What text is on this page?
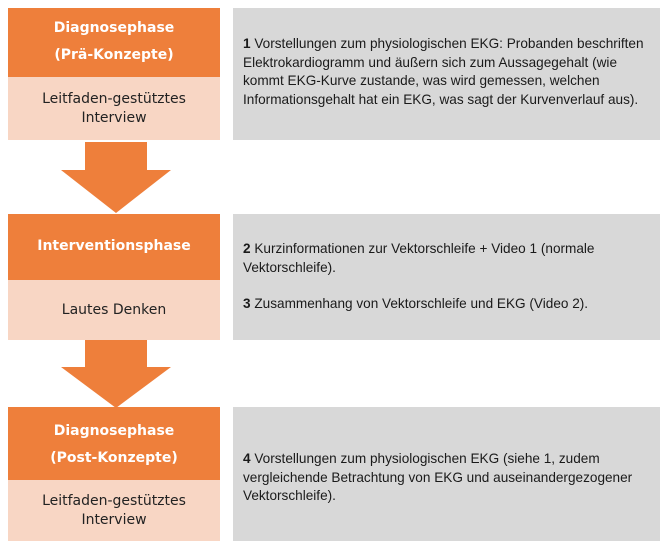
Diagnosephase
(Prä-Konzepte)
Leitfaden-gestütztes Interview

1 Vorstellungen zum physiologischen EKG: Probanden beschriften Elektrokardiogramm und äußern sich zum Aussagegehalt (wie kommt EKG-Kurve zustande, was wird gemessen, welchen Informationsgehalt hat ein EKG, was sagt der Kurvenverlauf aus).

Interventionsphase
Lautes Denken

2 Kurzinformationen zur Vektorschleife + Video 1 (normale Vektorschleife).

3 Zusammenhang von Vektorschleife und EKG (Video 2).

Diagnosephase
(Post-Konzepte)
Leitfaden-gestütztes Interview

4 Vorstellungen zum physiologischen EKG (siehe 1, zudem vergleichende Betrachtung von EKG und auseinandergezogener Vektorschleife).
